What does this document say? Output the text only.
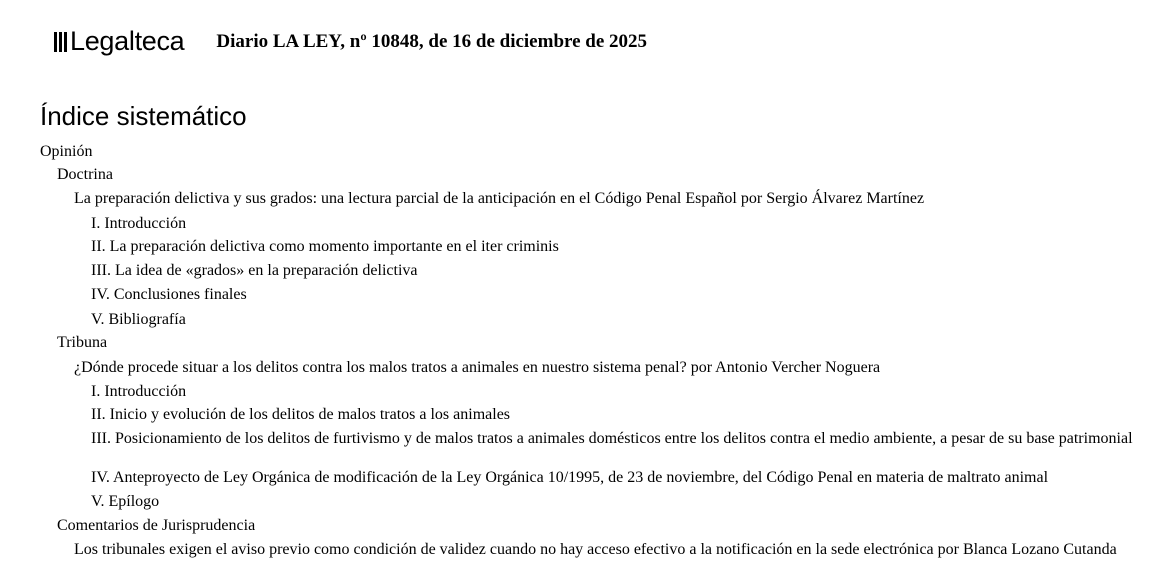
Legalteca Diario LA LEY, nº 10848, de 16 de diciembre de 2025
Índice sistemático
Opinión
Doctrina
La preparación delictiva y sus grados: una lectura parcial de la anticipación en el Código Penal Español por Sergio Álvarez Martínez
I. Introducción
II. La preparación delictiva como momento importante en el iter criminis
III. La idea de «grados» en la preparación delictiva
IV. Conclusiones finales
V. Bibliografía
Tribuna
¿Dónde procede situar a los delitos contra los malos tratos a animales en nuestro sistema penal? por Antonio Vercher Noguera
I. Introducción
II. Inicio y evolución de los delitos de malos tratos a los animales
III. Posicionamiento de los delitos de furtivismo y de malos tratos a animales domésticos entre los delitos contra el medio ambiente, a pesar de su base patrimonial
IV. Anteproyecto de Ley Orgánica de modificación de la Ley Orgánica 10/1995, de 23 de noviembre, del Código Penal en materia de maltrato animal
V. Epílogo
Comentarios de Jurisprudencia
Los tribunales exigen el aviso previo como condición de validez cuando no hay acceso efectivo a la notificación en la sede electrónica por Blanca Lozano Cutanda
